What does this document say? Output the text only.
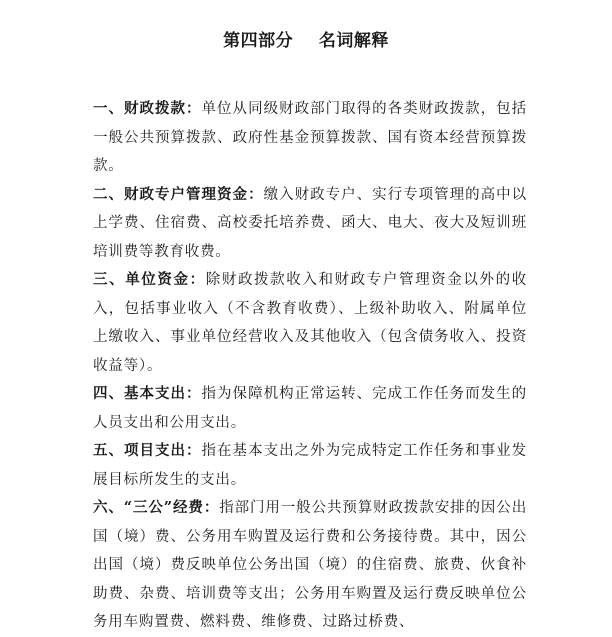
第四部分    名词解释

一、财政拨款：单位从同级财政部门取得的各类财政拨款，包括一般公共预算拨款、政府性基金预算拨款、国有资本经营预算拨款。

二、财政专户管理资金：缴入财政专户、实行专项管理的高中以上学费、住宿费、高校委托培养费、函大、电大、夜大及短训班培训费等教育收费。

三、单位资金：除财政拨款收入和财政专户管理资金以外的收入，包括事业收入（不含教育收费）、上级补助收入、附属单位上缴收入、事业单位经营收入及其他收入（包含债务收入、投资收益等）。

四、基本支出：指为保障机构正常运转、完成工作任务而发生的人员支出和公用支出。

五、项目支出：指在基本支出之外为完成特定工作任务和事业发展目标所发生的支出。

六、“三公”经费：指部门用一般公共预算财政拨款安排的因公出国（境）费、公务用车购置及运行费和公务接待费。其中，因公出国（境）费反映单位公务出国（境）的住宿费、旅费、伙食补助费、杂费、培训费等支出；公务用车购置及运行费反映单位公务用车购置费、燃料费、维修费、过路过桥费、
